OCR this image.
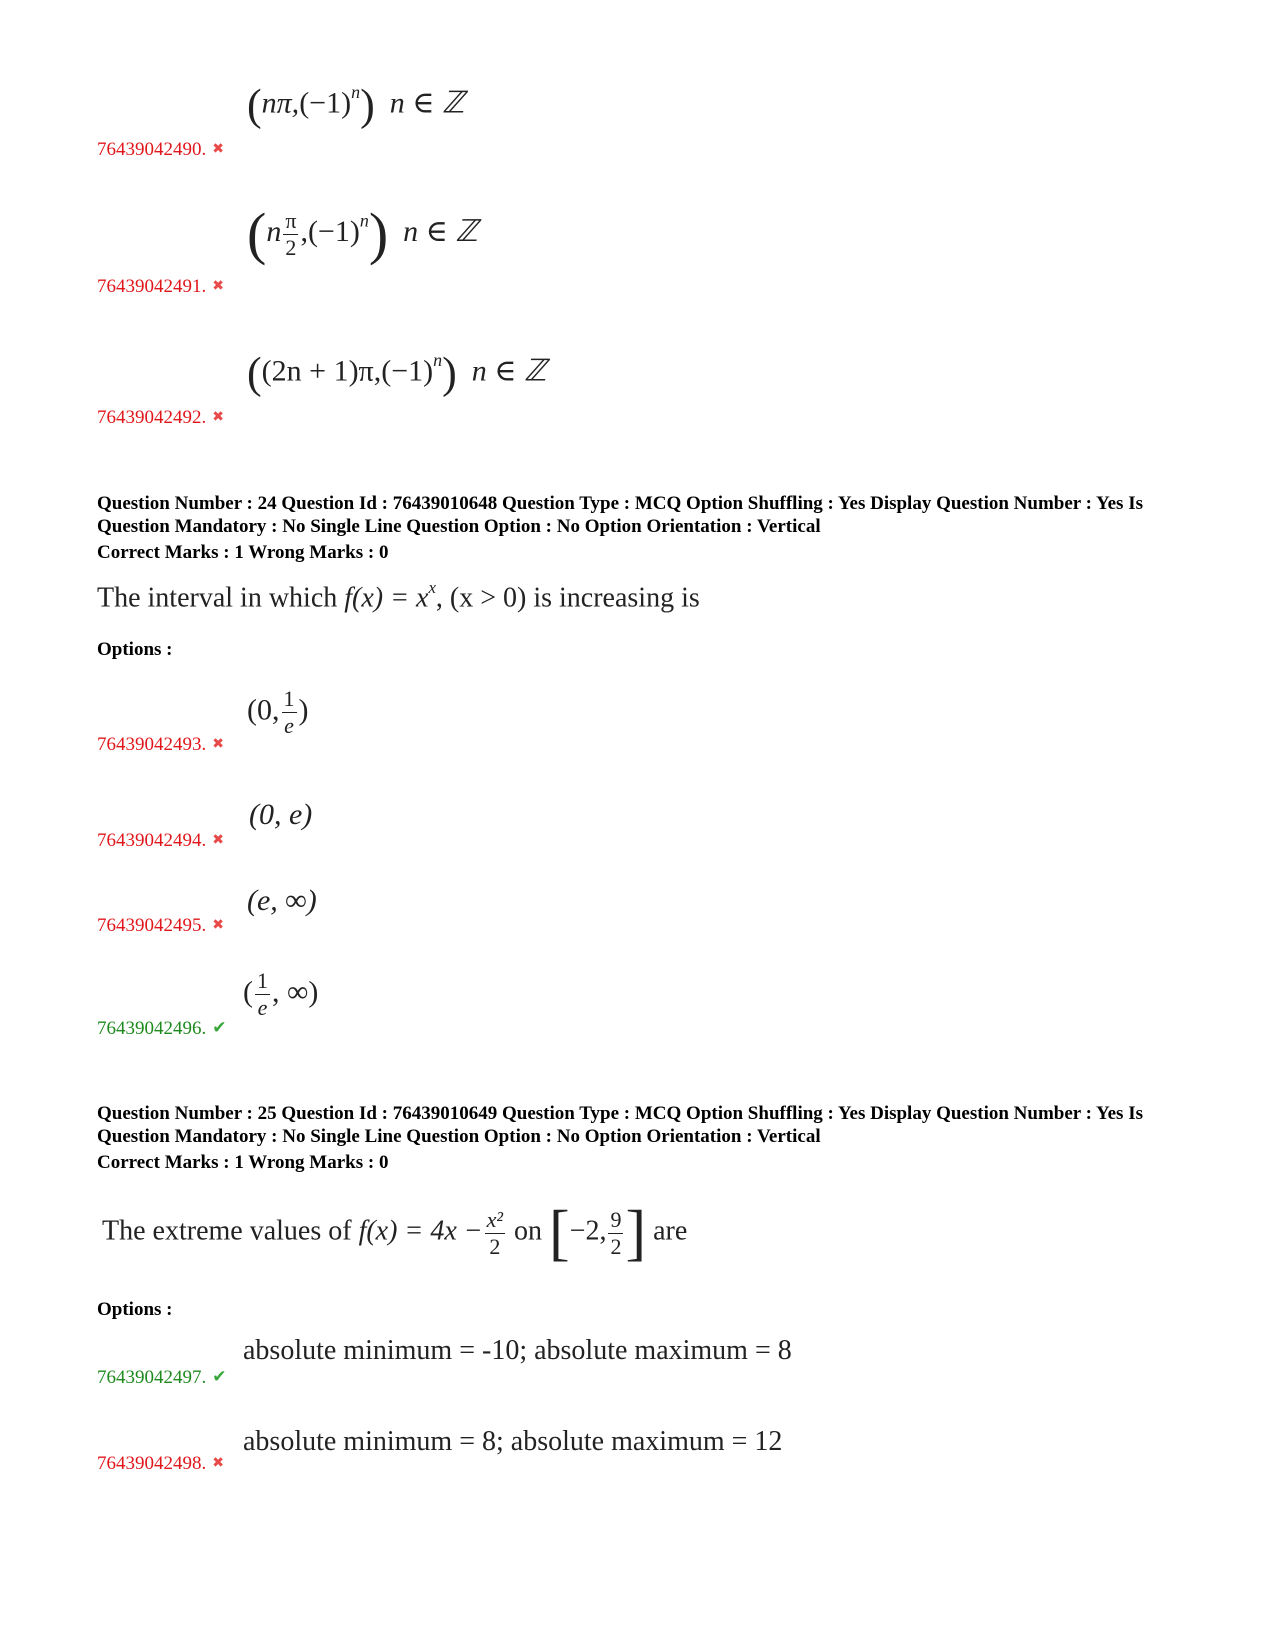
$(n\pi,(-1)^n)$ n ∈ ℤ
76439042490. ✖
$(n \frac{\pi}{2} ,(-1)^n)$ n ∈ ℤ
76439042491. ✖
$((2n + 1)\pi,(-1)^n)$ n ∈ ℤ
76439042492. ✖
Question Number : 24 Question Id : 76439010648 Question Type : MCQ Option Shuffling : Yes Display Question Number : Yes Is Question Mandatory : No Single Line Question Option : No Option Orientation : Vertical
Correct Marks : 1 Wrong Marks : 0
The interval in which $f(x) = x^x$, (x > 0) is increasing is
Options :
(0, $\frac{1}{e}$ )
76439042493. ✖
(0, e)
76439042494. ✖
(e, ∞)
76439042495. ✖
( $\frac{1}{e}$ , ∞)
76439042496. ✔
Question Number : 25 Question Id : 76439010649 Question Type : MCQ Option Shuffling : Yes Display Question Number : Yes Is Question Mandatory : No Single Line Question Option : No Option Orientation : Vertical
Correct Marks : 1 Wrong Marks : 0
The extreme values of $f(x) = 4x - \frac{\text{x²}}{2}$ on [−2, $\frac{9}{2}$ ] are
Options :
absolute minimum = -10; absolute maximum = 8
76439042497. ✔
absolute minimum = 8; absolute maximum = 12
76439042498. ✖
